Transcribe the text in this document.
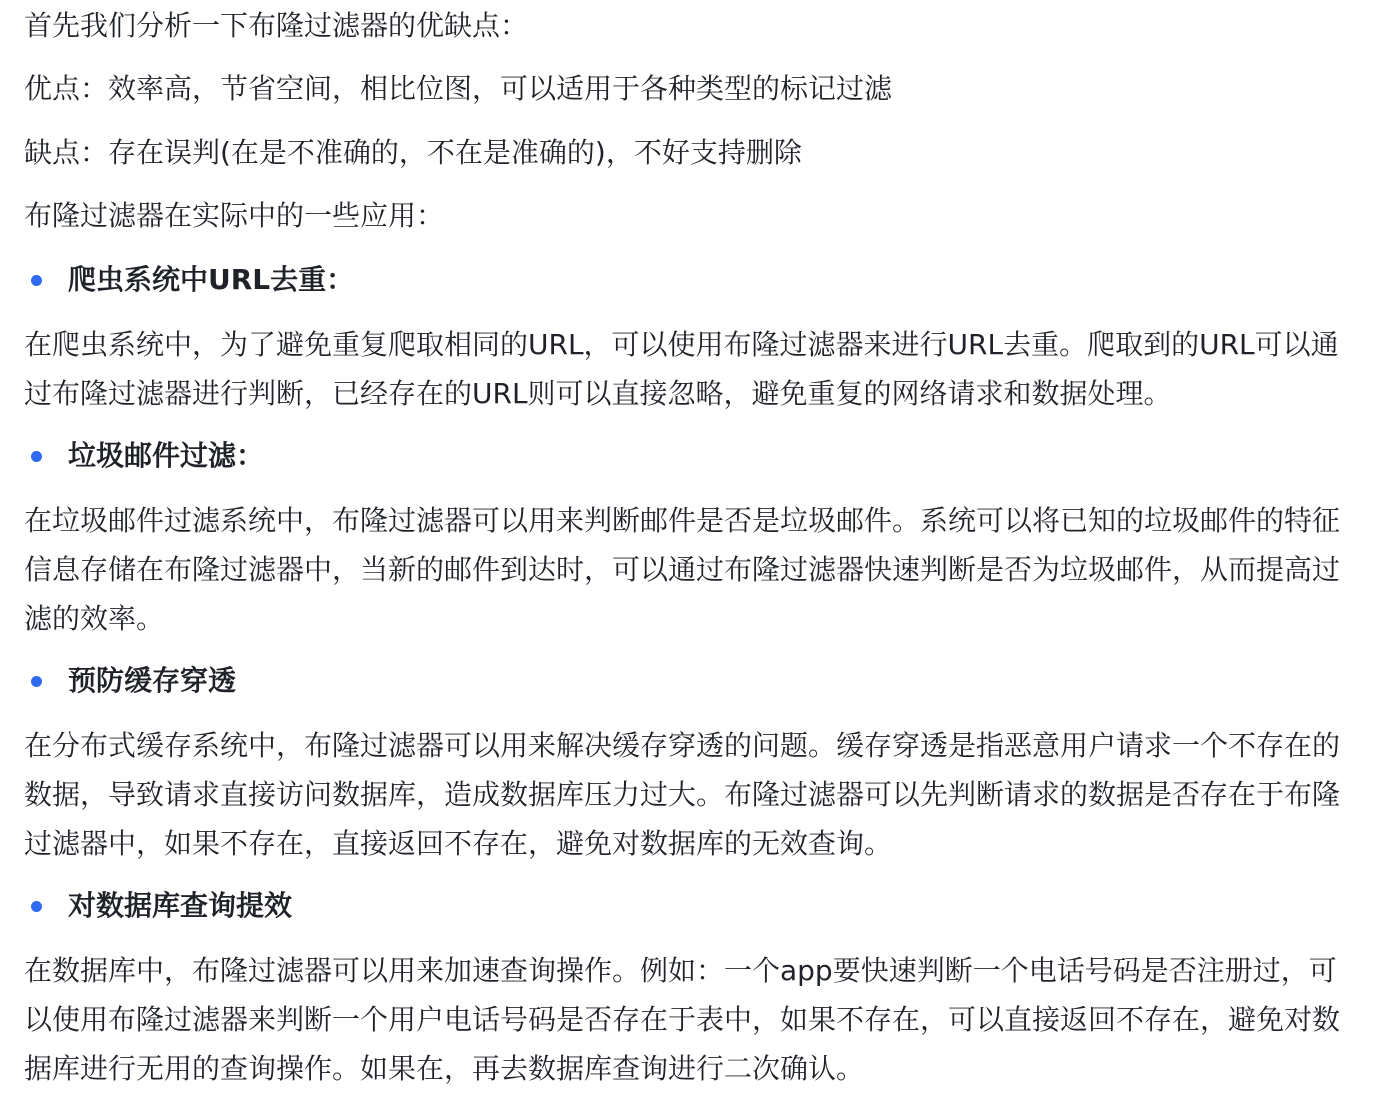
首先我们分析一下布隆过滤器的优缺点：
优点：效率高，节省空间，相比位图，可以适用于各种类型的标记过滤
缺点：存在误判(在是不准确的，不在是准确的)，不好支持删除
布隆过滤器在实际中的一些应用：
爬虫系统中URL去重：
在爬虫系统中，为了避免重复爬取相同的URL，可以使用布隆过滤器来进行URL去重。爬取到的URL可以通过布隆过滤器进行判断，已经存在的URL则可以直接忽略，避免重复的网络请求和数据处理。
垃圾邮件过滤：
在垃圾邮件过滤系统中，布隆过滤器可以用来判断邮件是否是垃圾邮件。系统可以将已知的垃圾邮件的特征信息存储在布隆过滤器中，当新的邮件到达时，可以通过布隆过滤器快速判断是否为垃圾邮件，从而提高过滤的效率。
预防缓存穿透
在分布式缓存系统中，布隆过滤器可以用来解决缓存穿透的问题。缓存穿透是指恶意用户请求一个不存在的数据，导致请求直接访问数据库，造成数据库压力过大。布隆过滤器可以先判断请求的数据是否存在于布隆过滤器中，如果不存在，直接返回不存在，避免对数据库的无效查询。
对数据库查询提效
在数据库中，布隆过滤器可以用来加速查询操作。例如：一个app要快速判断一个电话号码是否注册过，可以使用布隆过滤器来判断一个用户电话号码是否存在于表中，如果不存在，可以直接返回不存在，避免对数据库进行无用的查询操作。如果在，再去数据库查询进行二次确认。
